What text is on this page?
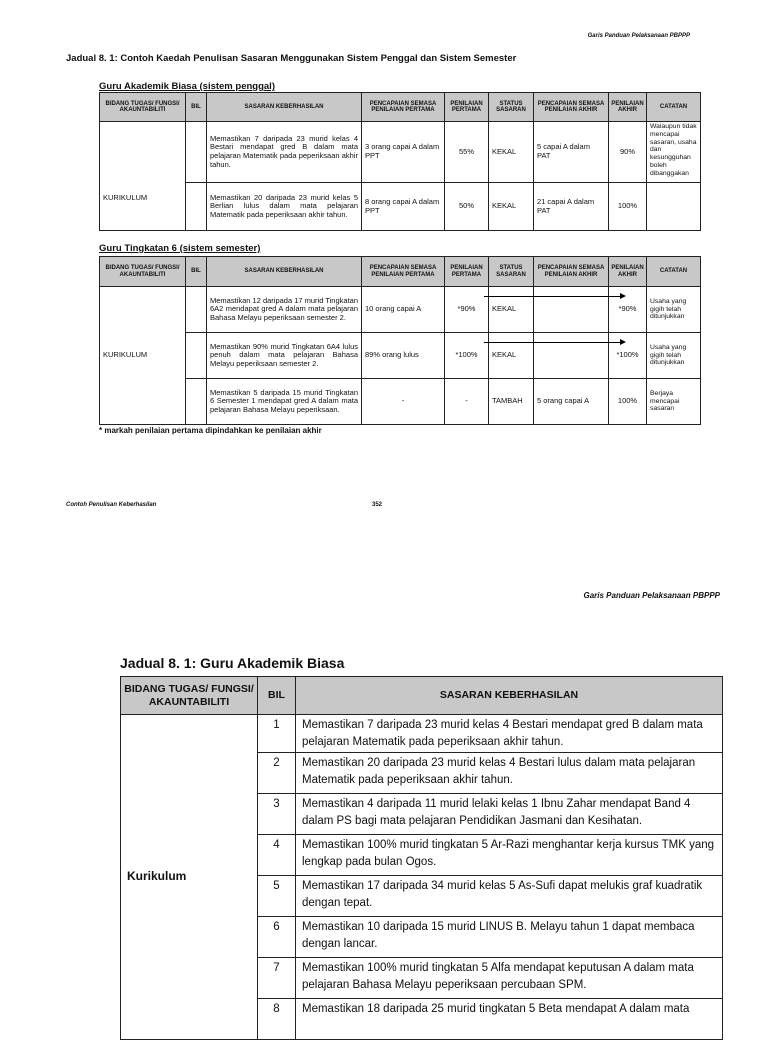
Garis Panduan Pelaksanaan PBPPP
Jadual 8. 1: Contoh Kaedah Penulisan Sasaran Menggunakan Sistem Penggal dan Sistem Semester
Guru Akademik Biasa (sistem penggal)
BIDANG TUGAS/ FUNGSI/ AKAUNTABILITI	BIL	SASARAN KEBERHASILAN	PENCAPAIAN SEMASA PENILAIAN PERTAMA	PENILAIAN PERTAMA	STATUS SASARAN	PENCAPAIAN SEMASA PENILAIAN AKHIR	PENILAIAN AKHIR	CATATAN
KURIKULUM		Memastikan 7 daripada 23 murid kelas 4 Bestari mendapat gred B dalam mata pelajaran Matematik pada peperiksaan akhir tahun.	3 orang capai A dalam PPT	55%	KEKAL	5 capai A dalam PAT	90%	Walaupun tidak mencapai sasaran, usaha dan kesungguhan boleh dibanggakan
		Memastikan 20 daripada 23 murid kelas 5 Berlian lulus dalam mata pelajaran Matematik pada peperiksaan akhir tahun.	8 orang capai A dalam PPT	50%	KEKAL	21 capai A dalam PAT	100%	
Guru Tingkatan 6 (sistem semester)
BIDANG TUGAS/ FUNGSI/ AKAUNTABILITI	BIL	SASARAN KEBERHASILAN	PENCAPAIAN SEMASA PENILAIAN PERTAMA	PENILAIAN PERTAMA	STATUS SASARAN	PENCAPAIAN SEMASA PENILAIAN AKHIR	PENILAIAN AKHIR	CATATAN
KURIKULUM		Memastikan 12 daripada 17 murid Tingkatan 6A2 mendapat gred A dalam mata pelajaran Bahasa Melayu peperiksaan semester 2.	10 orang capai A	*90%	KEKAL		*90%	Usaha yang gigih telah ditunjukkan
		Memastikan 90% murid Tingkatan 6A4 lulus penuh dalam mata pelajaran Bahasa Melayu peperiksaan semester 2.	89% orang lulus	*100%	KEKAL		*100%	Usaha yang gigih telah ditunjukkan
		Memastikan 5 daripada 15 murid Tingkatan 6 Semester 1 mendapat gred A dalam mata pelajaran Bahasa Melayu peperiksaan.	-	-	TAMBAH	5 orang capai A	100%	Berjaya mencapai sasaran
* markah penilaian pertama dipindahkan ke penilaian akhir
Contoh Penulisan Keberhasilan	352
Garis Panduan Pelaksanaan PBPPP
Jadual 8. 1: Guru Akademik Biasa
BIDANG TUGAS/ FUNGSI/ AKAUNTABILITI	BIL	SASARAN KEBERHASILAN
Kurikulum	1	Memastikan 7 daripada 23 murid kelas 4 Bestari mendapat gred B dalam mata pelajaran Matematik pada peperiksaan akhir tahun.
	2	Memastikan 20 daripada 23 murid kelas 4 Bestari lulus dalam mata pelajaran Matematik pada peperiksaan akhir tahun.
	3	Memastikan 4 daripada 11 murid lelaki kelas 1 Ibnu Zahar mendapat Band 4 dalam PS bagi mata pelajaran Pendidikan Jasmani dan Kesihatan.
	4	Memastikan 100% murid tingkatan 5 Ar-Razi menghantar kerja kursus TMK yang lengkap pada bulan Ogos.
	5	Memastikan 17 daripada 34 murid kelas 5 As-Sufi dapat melukis graf kuadratik dengan tepat.
	6	Memastikan 10 daripada 15 murid LINUS B. Melayu tahun 1 dapat membaca dengan lancar.
	7	Memastikan 100% murid tingkatan 5 Alfa mendapat keputusan A dalam mata pelajaran Bahasa Melayu peperiksaan percubaan SPM.
	8	Memastikan 18 daripada 25 murid tingkatan 5 Beta mendapat A dalam mata
